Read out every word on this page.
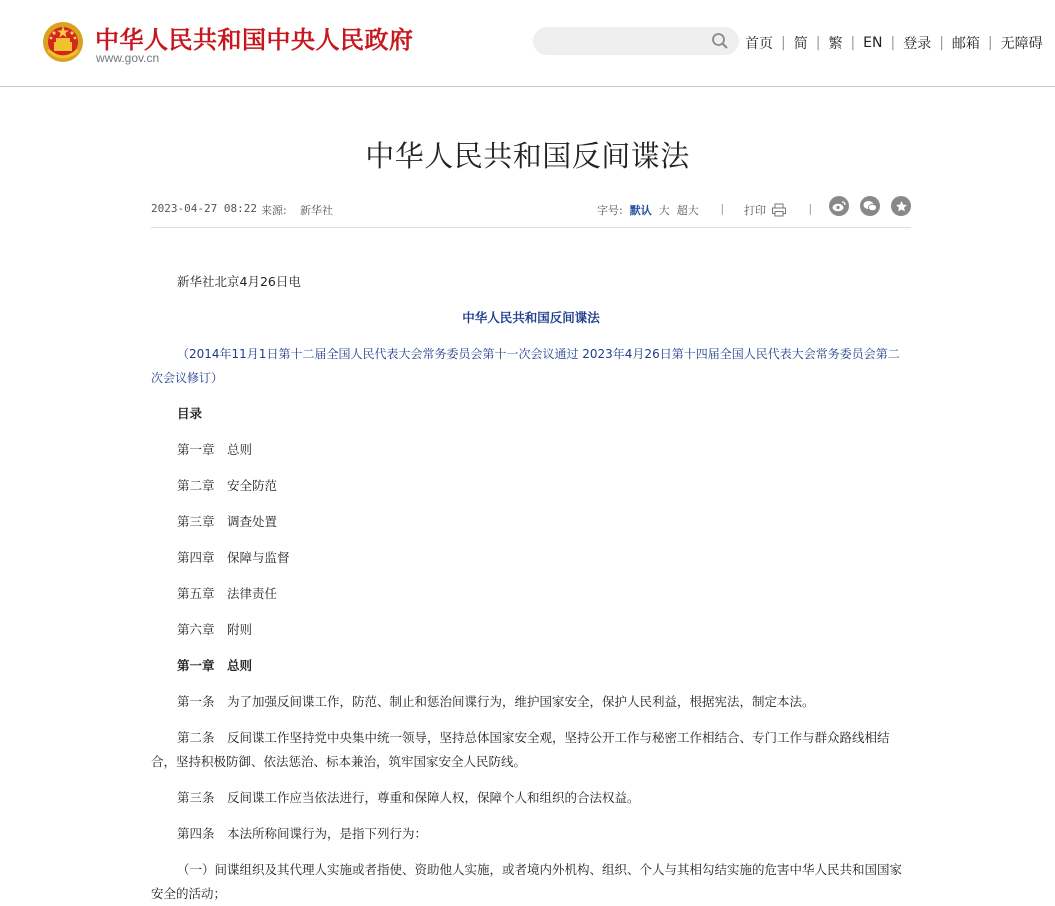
中华人民共和国中央人民政府
www.gov.cn
首页 | 简 | 繁 | EN | 登录 | 邮箱 | 无障碍
中华人民共和国反间谍法
2023-04-27 08:22 来源: 新华社	字号: 默认 大 超大 | 打印	|
新华社北京4月26日电
中华人民共和国反间谍法
（2014年11月1日第十二届全国人民代表大会常务委员会第十一次会议通过 2023年4月26日第十四届全国人民代表大会常务委员会第二次会议修订）
目录
第一章　总则
第二章　安全防范
第三章　调查处置
第四章　保障与监督
第五章　法律责任
第六章　附则
第一章　总则
第一条　为了加强反间谍工作，防范、制止和惩治间谍行为，维护国家安全，保护人民利益，根据宪法，制定本法。
第二条　反间谍工作坚持党中央集中统一领导，坚持总体国家安全观，坚持公开工作与秘密工作相结合、专门工作与群众路线相结合，坚持积极防御、依法惩治、标本兼治，筑牢国家安全人民防线。
第三条　反间谍工作应当依法进行，尊重和保障人权，保障个人和组织的合法权益。
第四条　本法所称间谍行为，是指下列行为：
（一）间谍组织及其代理人实施或者指使、资助他人实施，或者境内外机构、组织、个人与其相勾结实施的危害中华人民共和国国家安全的活动；
